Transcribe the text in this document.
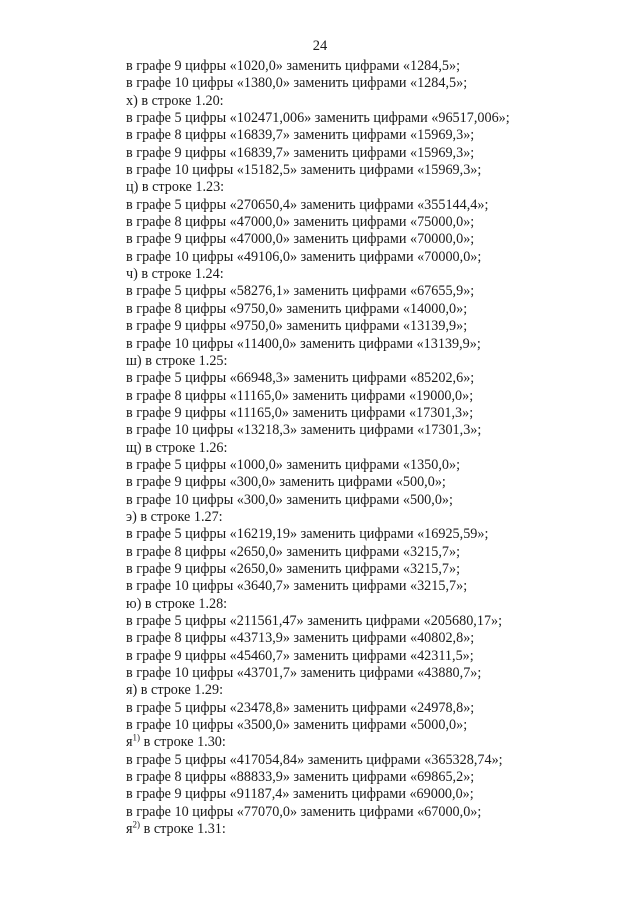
24
в графе 9 цифры «1020,0» заменить цифрами «1284,5»;
в графе 10 цифры «1380,0» заменить цифрами «1284,5»;
х) в строке 1.20:
в графе 5 цифры «102471,006» заменить цифрами «96517,006»;
в графе 8 цифры «16839,7» заменить цифрами «15969,3»;
в графе 9 цифры «16839,7» заменить цифрами «15969,3»;
в графе 10 цифры «15182,5» заменить цифрами «15969,3»;
ц) в строке 1.23:
в графе 5 цифры «270650,4» заменить цифрами «355144,4»;
в графе 8 цифры «47000,0» заменить цифрами «75000,0»;
в графе 9 цифры «47000,0» заменить цифрами «70000,0»;
в графе 10 цифры «49106,0» заменить цифрами «70000,0»;
ч) в строке 1.24:
в графе 5 цифры «58276,1» заменить цифрами «67655,9»;
в графе 8 цифры «9750,0» заменить цифрами «14000,0»;
в графе 9 цифры «9750,0» заменить цифрами «13139,9»;
в графе 10 цифры «11400,0» заменить цифрами «13139,9»;
ш) в строке 1.25:
в графе 5 цифры «66948,3» заменить цифрами «85202,6»;
в графе 8 цифры «11165,0» заменить цифрами «19000,0»;
в графе 9 цифры «11165,0» заменить цифрами «17301,3»;
в графе 10 цифры «13218,3» заменить цифрами «17301,3»;
щ) в строке 1.26:
в графе 5 цифры «1000,0» заменить цифрами «1350,0»;
в графе 9 цифры «300,0» заменить цифрами «500,0»;
в графе 10 цифры «300,0» заменить цифрами «500,0»;
э) в строке 1.27:
в графе 5 цифры «16219,19» заменить цифрами «16925,59»;
в графе 8 цифры «2650,0» заменить цифрами «3215,7»;
в графе 9 цифры «2650,0» заменить цифрами «3215,7»;
в графе 10 цифры «3640,7» заменить цифрами «3215,7»;
ю) в строке 1.28:
в графе 5 цифры «211561,47» заменить цифрами «205680,17»;
в графе 8 цифры «43713,9» заменить цифрами «40802,8»;
в графе 9 цифры «45460,7» заменить цифрами «42311,5»;
в графе 10 цифры «43701,7» заменить цифрами «43880,7»;
я) в строке 1.29:
в графе 5 цифры «23478,8» заменить цифрами «24978,8»;
в графе 10 цифры «3500,0» заменить цифрами «5000,0»;
$я^{1)}$ в строке 1.30:
в графе 5 цифры «417054,84» заменить цифрами «365328,74»;
в графе 8 цифры «88833,9» заменить цифрами «69865,2»;
в графе 9 цифры «91187,4» заменить цифрами «69000,0»;
в графе 10 цифры «77070,0» заменить цифрами «67000,0»;
$я^{2)}$ в строке 1.31:
